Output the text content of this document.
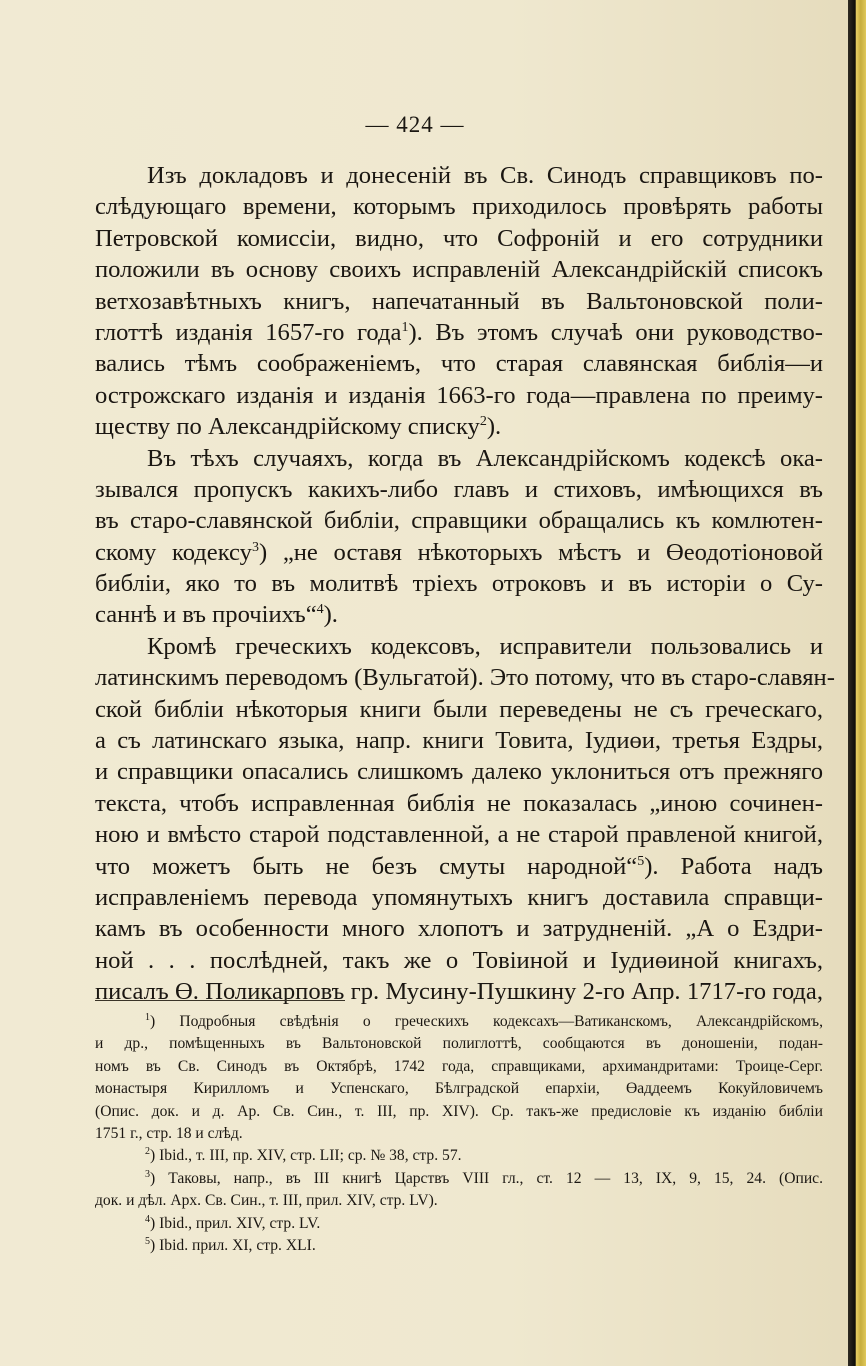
— 424 —
Изъ докладовъ и донесеній въ Св. Синодъ справщиковъ по-
слѣдующаго времени, которымъ приходилось провѣрять работы
Петровской комиссіи, видно, что Софроній и его сотрудники
положили въ основу своихъ исправленій Александрійскій списокъ
ветхозавѣтныхъ книгъ, напечатанный въ Вальтоновской поли-
глоттѣ изданія 1657-го года$^1$). Въ этомъ случаѣ они руководство-
вались тѣмъ соображеніемъ, что старая славянская библія—и
острожскаго изданія и изданія 1663-го года—правлена по преиму-
ществу по Александрійскому списку$^2$).
Въ тѣхъ случаяхъ, когда въ Александрійскомъ кодексѣ ока-
зывался пропускъ какихъ-либо главъ и стиховъ, имѣющихся въ
въ старо-славянской библіи, справщики обращались къ комлютен-
скому кодексу$^3$) „не оставя нѣкоторыхъ мѣстъ и Өеодотіоновой
библіи, яко то въ молитвѣ тріехъ отроковъ и въ исторіи о Су-
саннѣ и въ прочіихъ“$^4$).
Кромѣ греческихъ кодексовъ, исправители пользовались и
латинскимъ переводомъ (Вульгатой). Это потому, что въ старо-славян-
ской библіи нѣкоторыя книги были переведены не съ греческаго,
а съ латинскаго языка, напр. книги Товита, Іудиөи, третья Ездры,
и справщики опасались слишкомъ далеко уклониться отъ прежняго
текста, чтобъ исправленная библія не показалась „иною сочинен-
ною и вмѣсто старой подставленной, а не старой правленой книгой,
что можетъ быть не безъ смуты народной“$^5$). Работа надъ
исправленіемъ перевода упомянутыхъ книгъ доставила справщи-
камъ въ особенности много хлопотъ и затрудненій. „А о Ездри-
ной . . . послѣдней, такъ же о Товіиной и Іудиөиной книгахъ,
писалъ Ө. Поликарповъ гр. Мусину-Пушкину 2-го Апр. 1717-го года,
$^1$) Подробныя свѣдѣнія о греческихъ кодексахъ—Ватиканскомъ, Александрійскомъ,
и др., помѣщенныхъ въ Вальтоновской полиглоттѣ, сообщаются въ доношеніи, подан-
номъ въ Св. Синодъ въ Октябрѣ, 1742 года, справщиками, архимандритами: Троице-Серг.
монастыря Кирилломъ и Успенскаго, Бѣлградской епархіи, Өаддеемъ Кокуйловичемъ
(Опис. док. и д. Ар. Св. Син., т. III, пр. XIV). Ср. такъ-же предисловіе къ изданію библіи
1751 г., стр. 18 и слѣд.
$^2$) Ibid., т. III, пр. XIV, стр. LII; ср. № 38, стр. 57.
$^3$) Таковы, напр., въ III книгѣ Царствъ VIII гл., ст. 12 — 13, IX, 9, 15, 24. (Опис.
док. и дѣл. Арх. Св. Син., т. III, прил. XIV, стр. LV).
$^4$) Ibid., прил. XIV, стр. LV.
$^5$) Ibid. прил. XI, стр. XLI.
